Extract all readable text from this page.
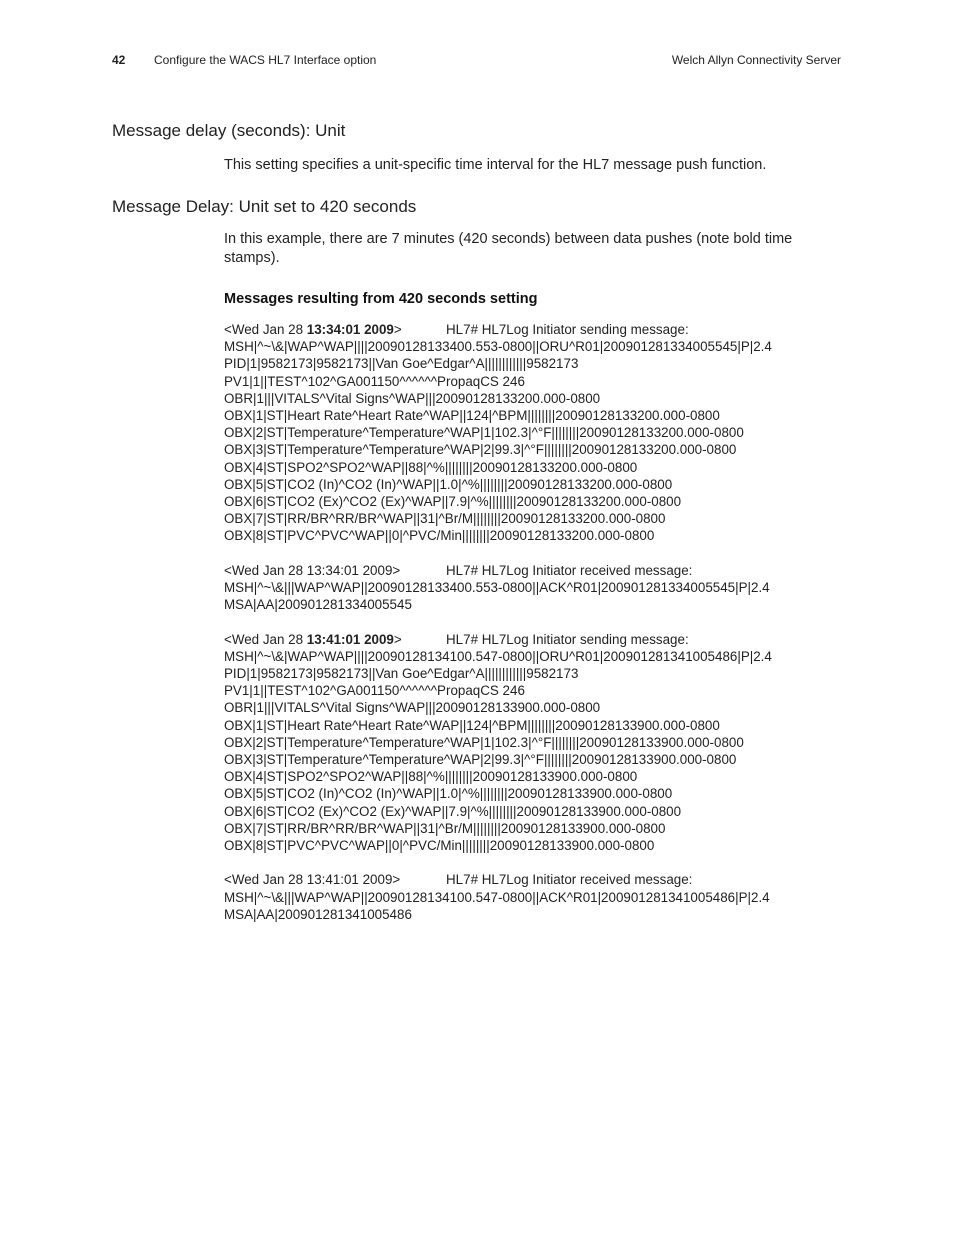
42 Configure the WACS HL7 Interface option	Welch Allyn Connectivity Server
Message delay (seconds): Unit
This setting specifies a unit-specific time interval for the HL7 message push function.
Message Delay: Unit set to 420 seconds
In this example, there are 7 minutes (420 seconds) between data pushes (note bold time stamps).
Messages resulting from 420 seconds setting
<Wed Jan 28 13:34:01 2009>	HL7# HL7Log Initiator sending message:
MSH|^~\&|WAP^WAP||||20090128133400.553-0800||ORU^R01|200901281334005545|P|2.4
PID|1|9582173|9582173||Van Goe^Edgar^A||||||||||||9582173
PV1|1||TEST^102^GA001150^^^^^^PropaqCS 246
OBR|1|||VITALS^Vital Signs^WAP|||20090128133200.000-0800
OBX|1|ST|Heart Rate^Heart Rate^WAP||124|^BPM||||||||20090128133200.000-0800
OBX|2|ST|Temperature^Temperature^WAP|1|102.3|^°F||||||||20090128133200.000-0800
OBX|3|ST|Temperature^Temperature^WAP|2|99.3|^°F||||||||20090128133200.000-0800
OBX|4|ST|SPO2^SPO2^WAP||88|^%||||||||20090128133200.000-0800
OBX|5|ST|CO2 (In)^CO2 (In)^WAP||1.0|^%||||||||20090128133200.000-0800
OBX|6|ST|CO2 (Ex)^CO2 (Ex)^WAP||7.9|^%||||||||20090128133200.000-0800
OBX|7|ST|RR/BR^RR/BR^WAP||31|^Br/M||||||||20090128133200.000-0800
OBX|8|ST|PVC^PVC^WAP||0|^PVC/Min||||||||20090128133200.000-0800
<Wed Jan 28 13:34:01 2009>	HL7# HL7Log Initiator received message:
MSH|^~\&|||WAP^WAP||20090128133400.553-0800||ACK^R01|200901281334005545|P|2.4
MSA|AA|200901281334005545
<Wed Jan 28 13:41:01 2009>	HL7# HL7Log Initiator sending message:
MSH|^~\&|WAP^WAP||||20090128134100.547-0800||ORU^R01|200901281341005486|P|2.4
PID|1|9582173|9582173||Van Goe^Edgar^A||||||||||||9582173
PV1|1||TEST^102^GA001150^^^^^^PropaqCS 246
OBR|1|||VITALS^Vital Signs^WAP|||20090128133900.000-0800
OBX|1|ST|Heart Rate^Heart Rate^WAP||124|^BPM||||||||20090128133900.000-0800
OBX|2|ST|Temperature^Temperature^WAP|1|102.3|^°F||||||||20090128133900.000-0800
OBX|3|ST|Temperature^Temperature^WAP|2|99.3|^°F||||||||20090128133900.000-0800
OBX|4|ST|SPO2^SPO2^WAP||88|^%||||||||20090128133900.000-0800
OBX|5|ST|CO2 (In)^CO2 (In)^WAP||1.0|^%||||||||20090128133900.000-0800
OBX|6|ST|CO2 (Ex)^CO2 (Ex)^WAP||7.9|^%||||||||20090128133900.000-0800
OBX|7|ST|RR/BR^RR/BR^WAP||31|^Br/M||||||||20090128133900.000-0800
OBX|8|ST|PVC^PVC^WAP||0|^PVC/Min||||||||20090128133900.000-0800
<Wed Jan 28 13:41:01 2009>	HL7# HL7Log Initiator received message:
MSH|^~\&|||WAP^WAP||20090128134100.547-0800||ACK^R01|200901281341005486|P|2.4
MSA|AA|200901281341005486
